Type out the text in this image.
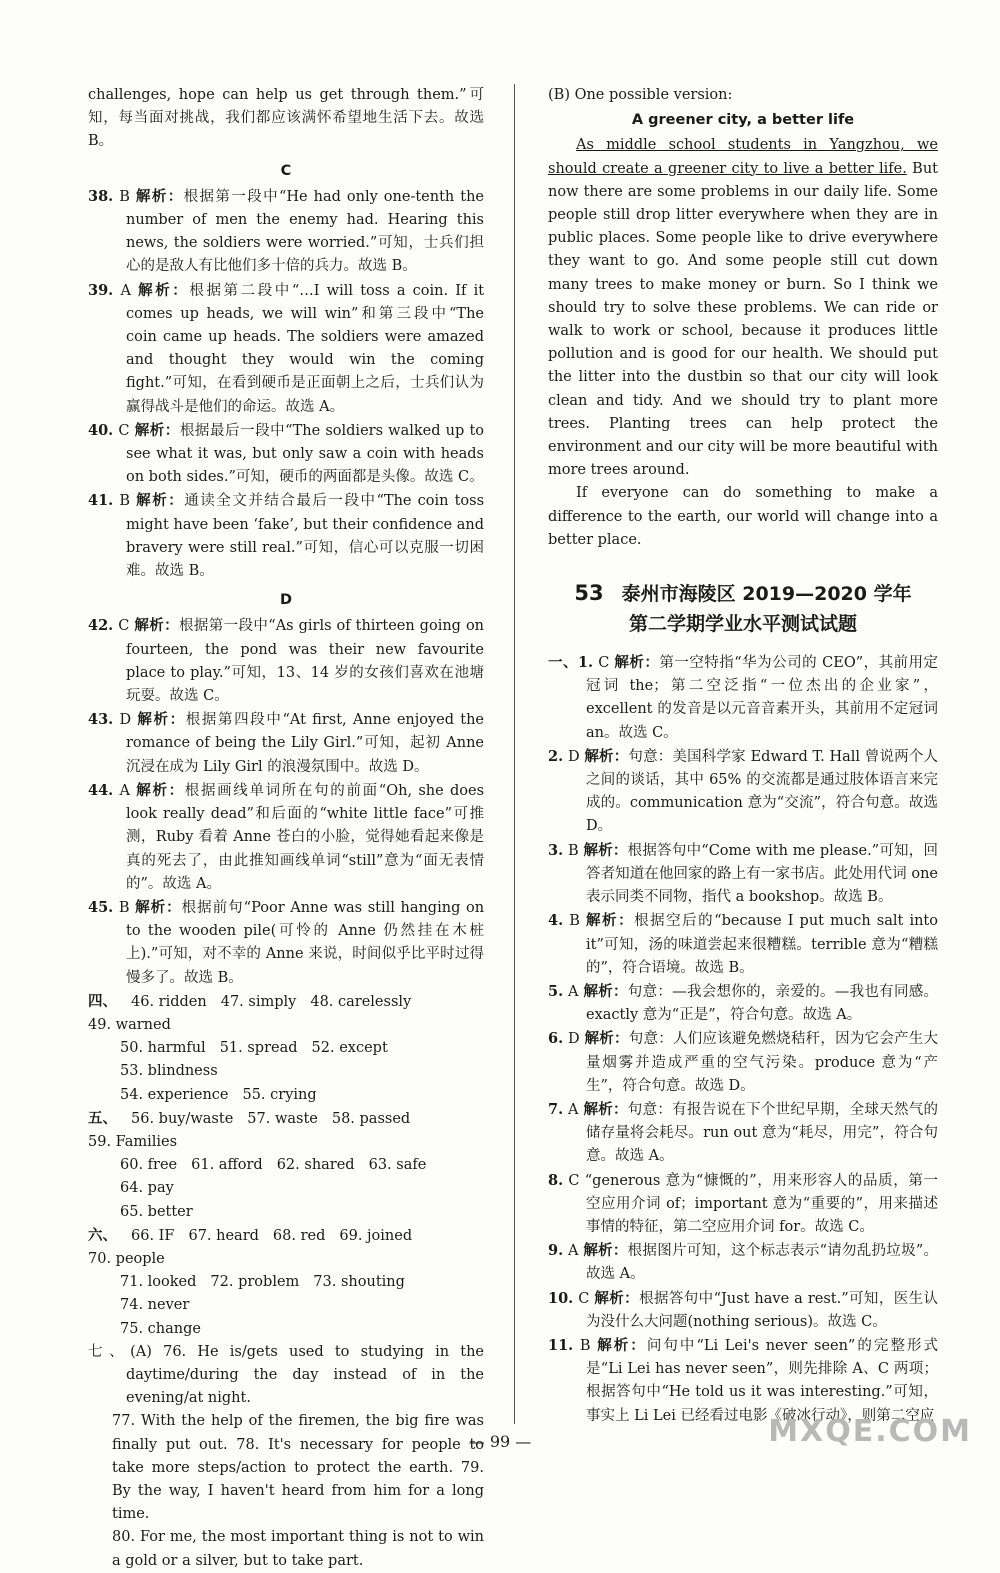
challenges, hope can help us get through them.”可知，每当面对挑战，我们都应该满怀希望地生活下去。故选 B。

C

38. B 解析：根据第一段中“He had only one-tenth the number of men the enemy had. Hearing this news, the soldiers were worried.”可知，士兵们担心的是敌人有比他们多十倍的兵力。故选 B。

39. A 解析：根据第二段中“…I will toss a coin. If it comes up heads, we will win”和第三段中“The coin came up heads. The soldiers were amazed and thought they would win the coming fight.”可知，在看到硬币是正面朝上之后，士兵们认为赢得战斗是他们的命运。故选 A。

40. C 解析：根据最后一段中“The soldiers walked up to see what it was, but only saw a coin with heads on both sides.”可知，硬币的两面都是头像。故选 C。

41. B 解析：通读全文并结合最后一段中“The coin toss might have been ‘fake’, but their confidence and bravery were still real.”可知，信心可以克服一切困难。故选 B。

D

42. C 解析：根据第一段中“As girls of thirteen going on fourteen, the pond was their new favourite place to play.”可知，13、14 岁的女孩们喜欢在池塘玩耍。故选 C。

43. D 解析：根据第四段中“At first, Anne enjoyed the romance of being the Lily Girl.”可知，起初 Anne 沉浸在成为 Lily Girl 的浪漫氛围中。故选 D。

44. A 解析：根据画线单词所在句的前面“Oh, she does look really dead”和后面的“white little face”可推测，Ruby 看着 Anne 苍白的小脸，觉得她看起来像是真的死去了，由此推知画线单词“still”意为“面无表情的”。故选 A。

45. B 解析：根据前句“Poor Anne was still hanging on to the wooden pile(可怜的 Anne 仍然挂在木桩上).”可知，对不幸的 Anne 来说，时间似乎比平时过得慢多了。故选 B。

四、 46. ridden 47. simply 48. carelessly49. warned
50. harmful 51. spread 52. except53. blindness
54. experience 55. crying
五、 56. buy/waste 57. waste 58. passed59. Families
60. free 61. afford 62. shared 63. safe64. pay
65. better
六、 66. IF 67. heard 68. red 69. joined70. people
71. looked 72. problem 73. shouting74. never
75. change

七、(A) 76. He is/gets used to studying in the daytime/during the day instead of in the evening/at night.

77. With the help of the firemen, the big fire was finally put out. 78. It's necessary for people to take more steps/action to protect the earth. 79. By the way, I haven't heard from him for a long time.

80. For me, the most important thing is not to win a gold or a silver, but to take part.

(B) One possible version:

A greener city, a better life

As middle school students in Yangzhou, we should create a greener city to live a better life. But now there are some problems in our daily life. Some people still drop litter everywhere when they are in public places. Some people like to drive everywhere they want to go. And some people still cut down many trees to make money or burn. So I think we should try to solve these problems. We can ride or walk to work or school, because it produces little pollution and is good for our health. We should put the litter into the dustbin so that our city will look clean and tidy. And we should try to plant more trees. Planting trees can help protect the environment and our city will be more beautiful with more trees around.

If everyone can do something to make a difference to the earth, our world will change into a better place.

53 泰州市海陵区 2019—2020 学年
第二学期学业水平测试试题

一、1. C 解析：第一空特指“华为公司的 CEO”，其前用定冠词 the；第二空泛指“一位杰出的企业家”，excellent 的发音是以元音音素开头，其前用不定冠词 an。故选 C。

2. D 解析：句意：美国科学家 Edward T. Hall 曾说两个人之间的谈话，其中 65% 的交流都是通过肢体语言来完成的。communication 意为“交流”，符合句意。故选 D。

3. B 解析：根据答句中“Come with me please.”可知，回答者知道在他回家的路上有一家书店。此处用代词 one 表示同类不同物，指代 a bookshop。故选 B。

4. B 解析：根据空后的“because I put much salt into it”可知，汤的味道尝起来很糟糕。terrible 意为“糟糕的”，符合语境。故选 B。

5. A 解析：句意：—我会想你的，亲爱的。—我也有同感。exactly 意为“正是”，符合句意。故选 A。

6. D 解析：句意：人们应该避免燃烧秸秆，因为它会产生大量烟雾并造成严重的空气污染。produce 意为“产生”，符合句意。故选 D。

7. A 解析：句意：有报告说在下个世纪早期，全球天然气的储存量将会耗尽。run out 意为“耗尽，用完”，符合句意。故选 A。

8. C “generous 意为“慷慨的”，用来形容人的品质，第一空应用介词 of；important 意为“重要的”，用来描述事情的特征，第二空应用介词 for。故选 C。

9. A 解析：根据图片可知，这个标志表示“请勿乱扔垃圾”。故选 A。

10. C 解析：根据答句中“Just have a rest.”可知，医生认为没什么大问题(nothing serious)。故选 C。

11. B 解析：问句中“Li Lei's never seen”的完整形式是“Li Lei has never seen”，则先排除 A、C 两项；根据答句中“He told us it was interesting.”可知，事实上 Li Lei 已经看过电影《破冰行动》，则第二空应

— 99 —	MXQE.COM
